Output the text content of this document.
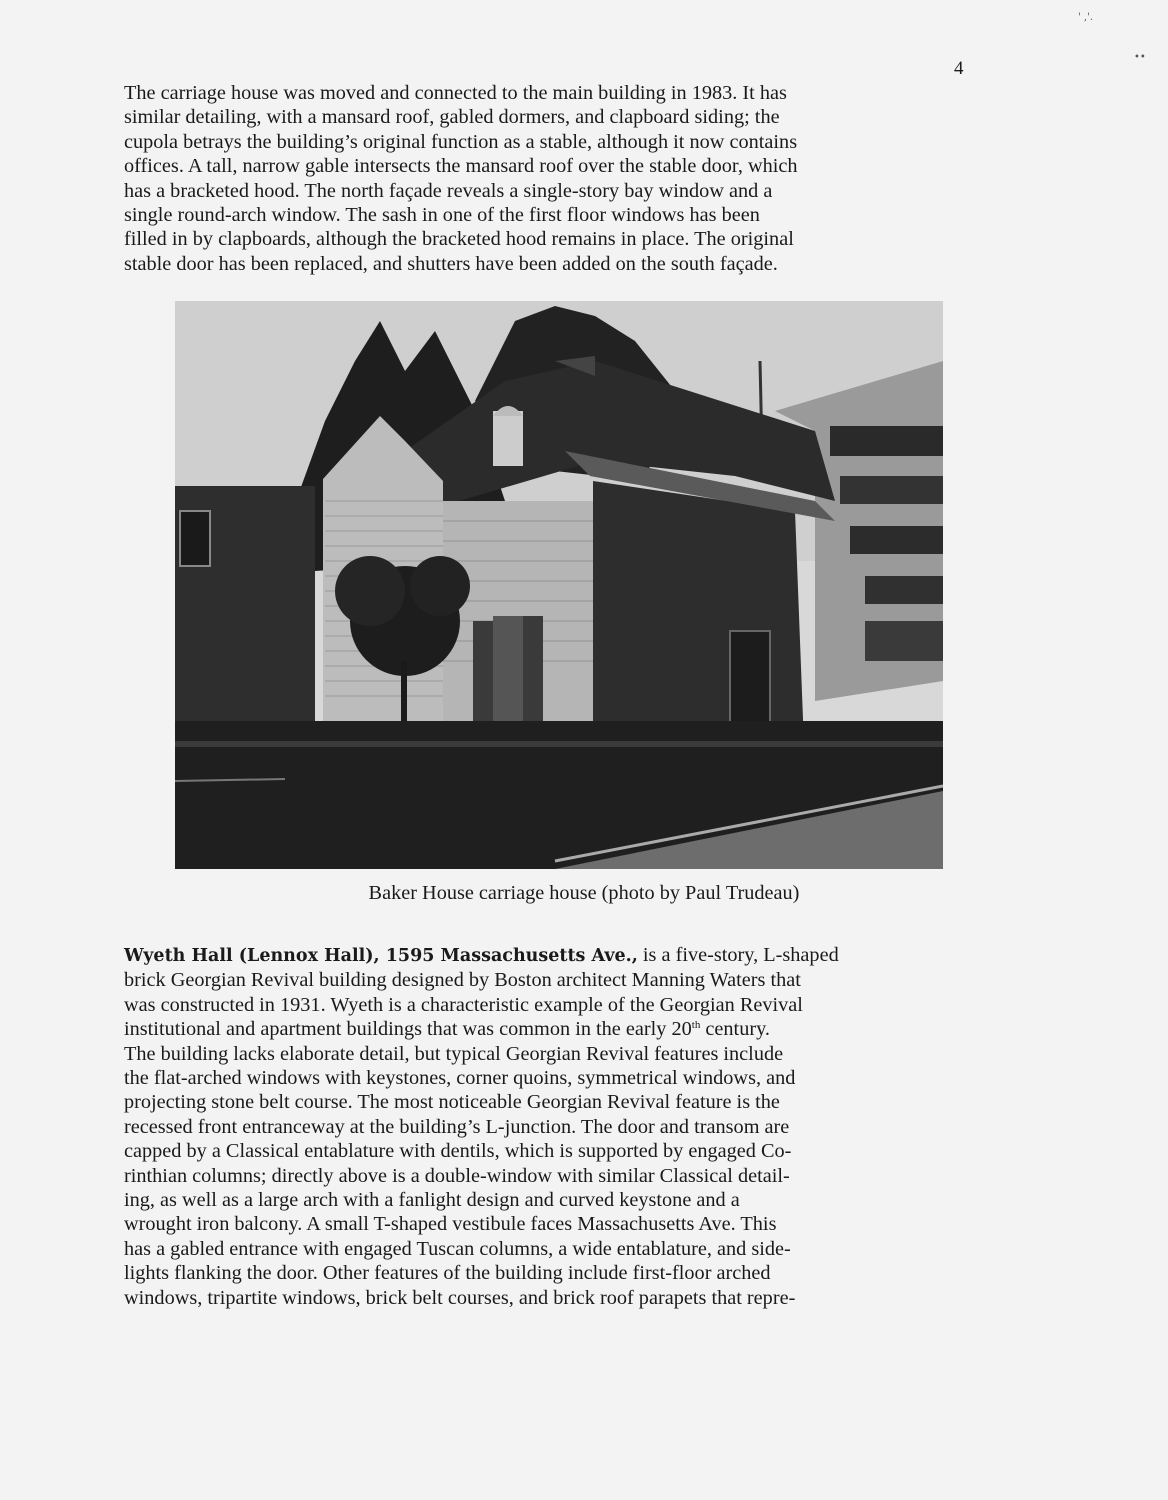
' ,'.
••
4

The carriage house was moved and connected to the main building in 1983. It has
similar detailing, with a mansard roof, gabled dormers, and clapboard siding; the
cupola betrays the building’s original function as a stable, although it now contains
offices. A tall, narrow gable intersects the mansard roof over the stable door, which
has a bracketed hood. The north façade reveals a single-story bay window and a
single round-arch window. The sash in one of the first floor windows has been
filled in by clapboards, although the bracketed hood remains in place. The original
stable door has been replaced, and shutters have been added on the south façade.

Baker House carriage house (photo by Paul Trudeau)

Wyeth Hall (Lennox Hall), 1595 Massachusetts Ave., is a five-story, L-shaped
brick Georgian Revival building designed by Boston architect Manning Waters that
was constructed in 1931. Wyeth is a characteristic example of the Georgian Revival
institutional and apartment buildings that was common in the early 20th century.
The building lacks elaborate detail, but typical Georgian Revival features include
the flat-arched windows with keystones, corner quoins, symmetrical windows, and
projecting stone belt course. The most noticeable Georgian Revival feature is the
recessed front entranceway at the building’s L-junction. The door and transom are
capped by a Classical entablature with dentils, which is supported by engaged Co-
rinthian columns; directly above is a double-window with similar Classical detail-
ing, as well as a large arch with a fanlight design and curved keystone and a
wrought iron balcony. A small T-shaped vestibule faces Massachusetts Ave. This
has a gabled entrance with engaged Tuscan columns, a wide entablature, and side-
lights flanking the door. Other features of the building include first-floor arched
windows, tripartite windows, brick belt courses, and brick roof parapets that repre-
